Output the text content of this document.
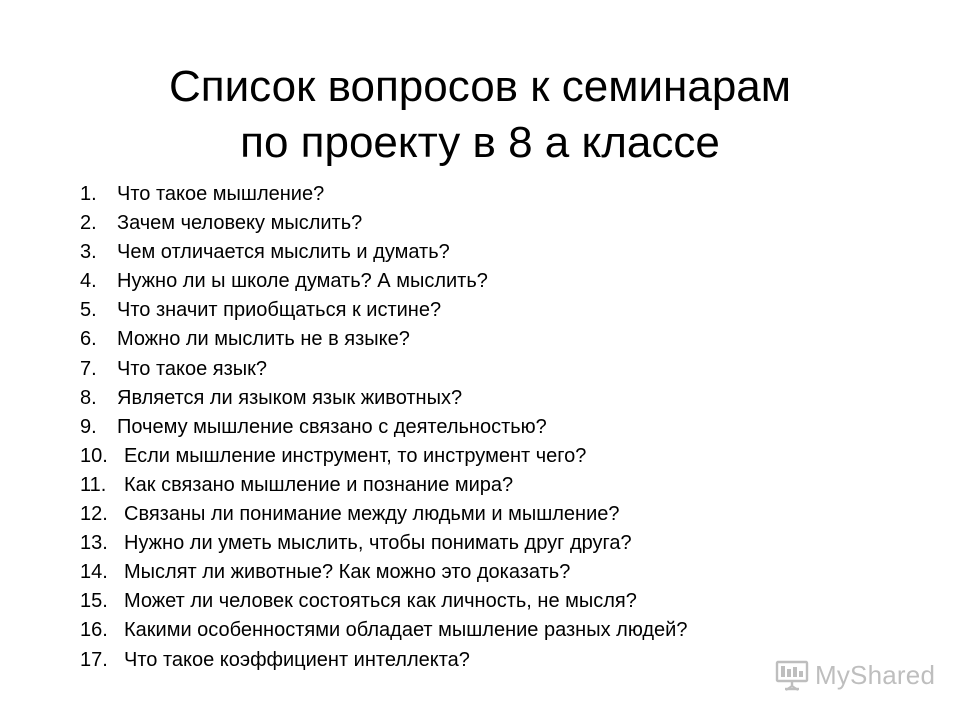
Список вопросов к семинарам
по проекту в 8 а классе
1.	Что такое мышление?
2.	Зачем человеку мыслить?
3.	Чем отличается мыслить и думать?
4.	Нужно ли ы школе думать? А мыслить?
5.	Что значит приобщаться к истине?
6.	Можно ли мыслить не в языке?
7.	Что такое язык?
8.	Является ли языком язык животных?
9.	Почему мышление связано с деятельностью?
10. Если мышление инструмент, то инструмент чего?
11. Как связано мышление и познание мира?
12. Связаны ли понимание между людьми и мышление?
13. Нужно ли уметь мыслить, чтобы понимать друг друга?
14. Мыслят ли животные? Как можно это доказать?
15. Может ли человек состояться как личность, не мысля?
16. Какими особенностями обладает мышление разных людей?
17. Что такое коэффициент интеллекта?	MyShared
